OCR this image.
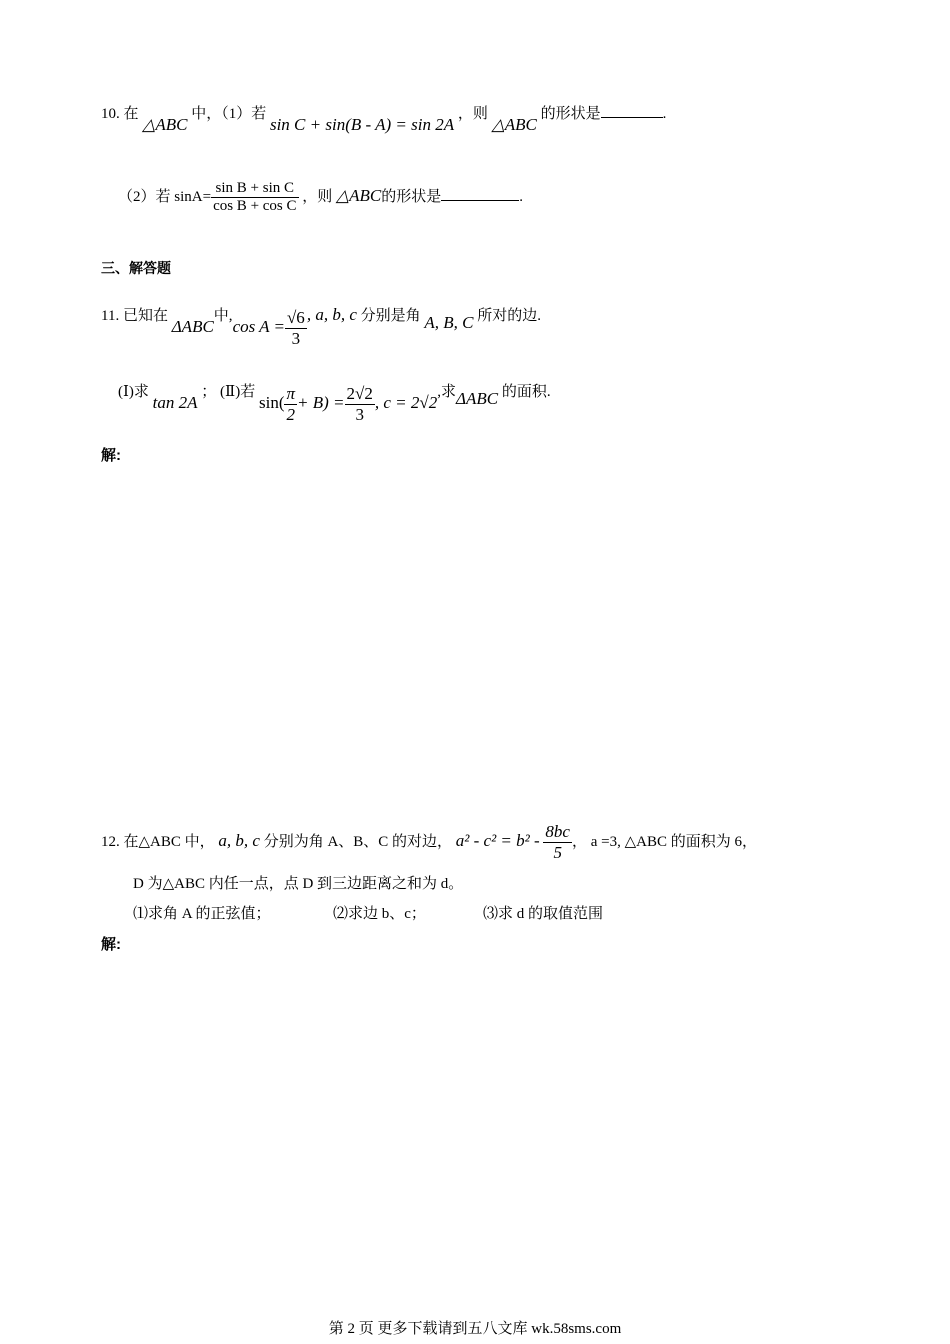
10. 在 △ABC 中，（1）若 sin C + sin(B - A) = sin 2A ，则 △ABC 的形状是	.
（2）若 $\sin A= \frac{\text{sin B + sin C}}{\text{cos B + cos C}}$ ，则 △ABC的形状是	.
三、解答题
11. 已知在 ΔABC中,cos $A = \frac{√6}{3}$ , a, b, c 分别是角 A, B, C 所对的边.
(Ⅰ)求 tan 2A ； (Ⅱ)若 $\sin( \frac{\pi}{2} + B) = \frac{2√2}{3}$ , c = 2√2,求ΔABC 的面积.
解:
12. 在△ABC 中， a, b, c 分别为角 A、B、C 的对边， $a^2 - c^2 = b^2 - \frac{8bc}{5}$ ， a =3, △ABC 的面积为 6，
D 为△ABC 内任一点，点 D 到三边距离之和为 d。
⑴求角 A 的正弦值；	⑵求边 b、c；	⑶求 d 的取值范围
解:
第 2 页 更多下载请到五八文库 wk.58sms.com
